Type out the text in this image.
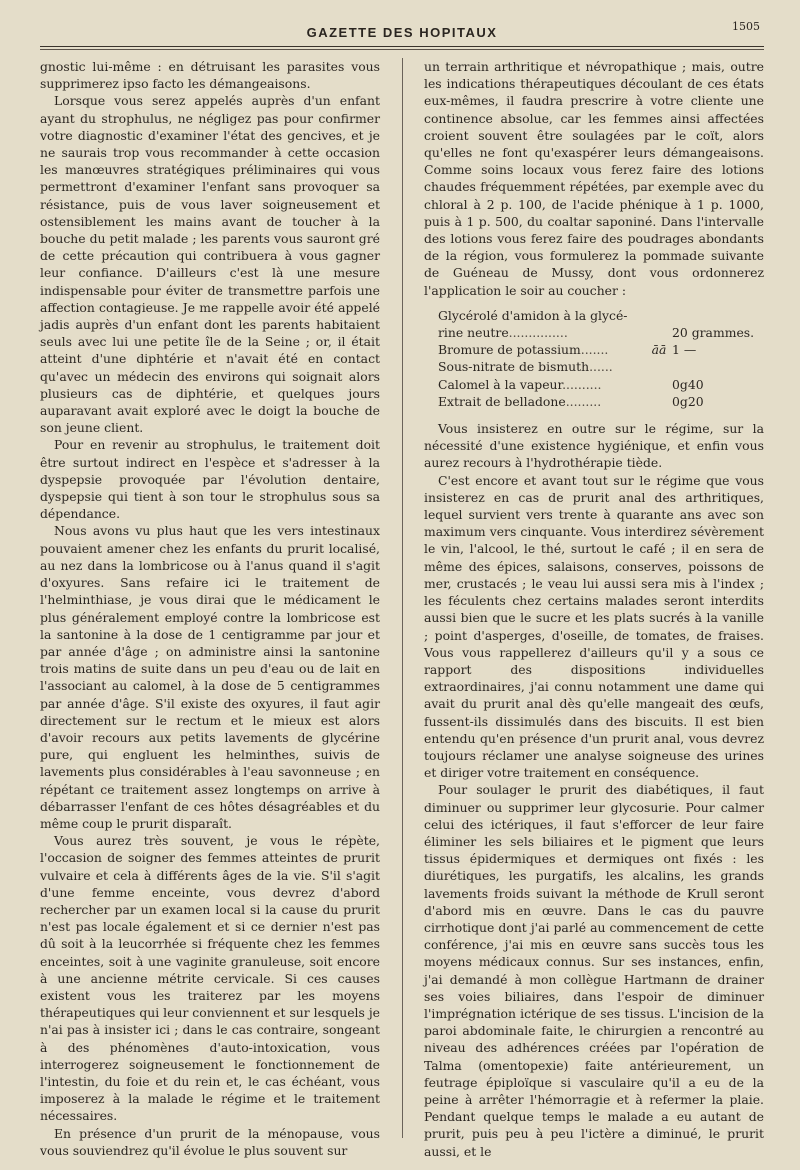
GAZETTE DES HOPITAUX	1505

gnostic lui-même : en détruisant les parasites vous supprimerez ipso facto les démangeaisons.

Lorsque vous serez appelés auprès d'un enfant ayant du strophulus, ne négligez pas pour confirmer votre diagnostic d'examiner l'état des gencives, et je ne saurais trop vous recommander à cette occasion les manœuvres stratégiques préliminaires qui vous permettront d'examiner l'enfant sans provoquer sa résistance, puis de vous laver soigneusement et ostensiblement les mains avant de toucher à la bouche du petit malade ; les parents vous sauront gré de cette précaution qui contribuera à vous gagner leur confiance. D'ailleurs c'est là une mesure indispensable pour éviter de transmettre parfois une affection contagieuse. Je me rappelle avoir été appelé jadis auprès d'un enfant dont les parents habitaient seuls avec lui une petite île de la Seine ; or, il était atteint d'une diphtérie et n'avait été en contact qu'avec un médecin des environs qui soignait alors plusieurs cas de diphtérie, et quelques jours auparavant avait exploré avec le doigt la bouche de son jeune client.

Pour en revenir au strophulus, le traitement doit être surtout indirect en l'espèce et s'adresser à la dyspepsie provoquée par l'évolution dentaire, dyspepsie qui tient à son tour le strophulus sous sa dépendance.

Nous avons vu plus haut que les vers intestinaux pouvaient amener chez les enfants du prurit localisé, au nez dans la lombricose ou à l'anus quand il s'agit d'oxyures. Sans refaire ici le traitement de l'helminthiase, je vous dirai que le médicament le plus généralement employé contre la lombricose est la santonine à la dose de 1 centigramme par jour et par année d'âge ; on administre ainsi la santonine trois matins de suite dans un peu d'eau ou de lait en l'associant au calomel, à la dose de 5 centigrammes par année d'âge. S'il existe des oxyures, il faut agir directement sur le rectum et le mieux est alors d'avoir recours aux petits lavements de glycérine pure, qui engluent les helminthes, suivis de lavements plus considérables à l'eau savonneuse ; en répétant ce traitement assez longtemps on arrive à débarrasser l'enfant de ces hôtes désagréables et du même coup le prurit disparaît.

Vous aurez très souvent, je vous le répète, l'occasion de soigner des femmes atteintes de prurit vulvaire et cela à différents âges de la vie. S'il s'agit d'une femme enceinte, vous devrez d'abord rechercher par un examen local si la cause du prurit n'est pas locale également et si ce dernier n'est pas dû soit à la leucorrhée si fréquente chez les femmes enceintes, soit à une vaginite granuleuse, soit encore à une ancienne métrite cervicale. Si ces causes existent vous les traiterez par les moyens thérapeutiques qui leur conviennent et sur lesquels je n'ai pas à insister ici ; dans le cas contraire, songeant à des phénomènes d'auto-intoxication, vous interrogerez soigneusement le fonctionnement de l'intestin, du foie et du rein et, le cas échéant, vous imposerez à la malade le régime et le traitement nécessaires.

En présence d'un prurit de la ménopause, vous vous souviendrez qu'il évolue le plus souvent sur

un terrain arthritique et névropathique ; mais, outre les indications thérapeutiques découlant de ces états eux-mêmes, il faudra prescrire à votre cliente une continence absolue, car les femmes ainsi affectées croient souvent être soulagées par le coït, alors qu'elles ne font qu'exaspérer leurs démangeaisons. Comme soins locaux vous ferez faire des lotions chaudes fréquemment répétées, par exemple avec du chloral à 2 p. 100, de l'acide phénique à 1 p. 1000, puis à 1 p. 500, du coaltar saponiné. Dans l'intervalle des lotions vous ferez faire des poudrages abondants de la région, vous formulerez la pommade suivante de Guéneau de Mussy, dont vous ordonnerez l'application le soir au coucher :

Glycérolé d'amidon à la glycé-
rine neutre...............	20 grammes.
Bromure de potassium.......	āā 1 —
Sous-nitrate de bismuth......
Calomel à la vapeur..........	0g40
Extrait de belladone.........	0g20

Vous insisterez en outre sur le régime, sur la nécessité d'une existence hygiénique, et enfin vous aurez recours à l'hydrothérapie tiède.

C'est encore et avant tout sur le régime que vous insisterez en cas de prurit anal des arthritiques, lequel survient vers trente à quarante ans avec son maximum vers cinquante. Vous interdirez sévèrement le vin, l'alcool, le thé, surtout le café ; il en sera de même des épices, salaisons, conserves, poissons de mer, crustacés ; le veau lui aussi sera mis à l'index ; les féculents chez certains malades seront interdits aussi bien que le sucre et les plats sucrés à la vanille ; point d'asperges, d'oseille, de tomates, de fraises. Vous vous rappellerez d'ailleurs qu'il y a sous ce rapport des dispositions individuelles extraordinaires, j'ai connu notamment une dame qui avait du prurit anal dès qu'elle mangeait des œufs, fussent-ils dissimulés dans des biscuits. Il est bien entendu qu'en présence d'un prurit anal, vous devrez toujours réclamer une analyse soigneuse des urines et diriger votre traitement en conséquence.

Pour soulager le prurit des diabétiques, il faut diminuer ou supprimer leur glycosurie. Pour calmer celui des ictériques, il faut s'efforcer de leur faire éliminer les sels biliaires et le pigment que leurs tissus épidermiques et dermiques ont fixés : les diurétiques, les purgatifs, les alcalins, les grands lavements froids suivant la méthode de Krull seront d'abord mis en œuvre. Dans le cas du pauvre cirrhotique dont j'ai parlé au commencement de cette conférence, j'ai mis en œuvre sans succès tous les moyens médicaux connus. Sur ses instances, enfin, j'ai demandé à mon collègue Hartmann de drainer ses voies biliaires, dans l'espoir de diminuer l'imprégnation ictérique de ses tissus. L'incision de la paroi abdominale faite, le chirurgien a rencontré au niveau des adhérences créées par l'opération de Talma (omentopexie) faite antérieurement, un feutrage épiploïque si vasculaire qu'il a eu de la peine à arrêter l'hémorragie et à refermer la plaie. Pendant quelque temps le malade a eu autant de prurit, puis peu à peu l'ictère a diminué, le prurit aussi, et le
